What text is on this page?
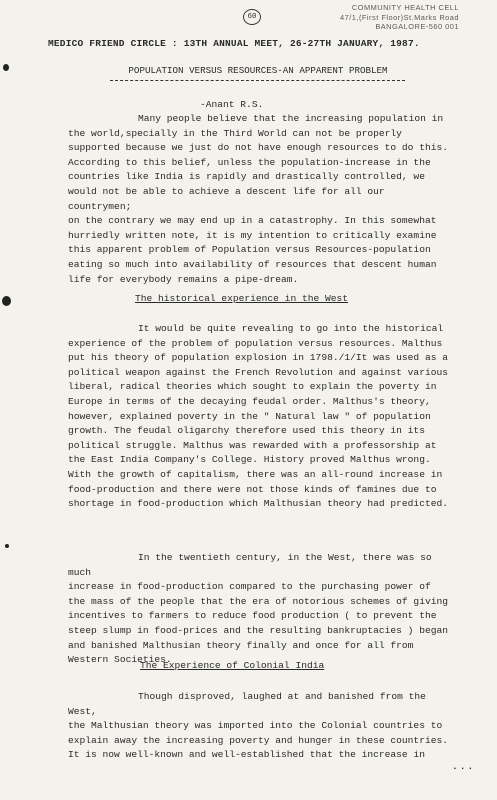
COMMUNITY HEALTH CELL
47/1,(First Floor)St.Marks Road
BANGALORE-560 001
60
MEDICO FRIEND CIRCLE : 13TH ANNUAL MEET, 26-27TH JANUARY, 1987.
POPULATION VERSUS RESOURCES-AN APPARENT PROBLEM
-Anant R.S.

Many people believe that the increasing population in
the world,specially in the Third World can not be properly
supported because we just do not have enough resources to do this.
According to this belief, unless the population-increase in the
countries like India is rapidly and drastically controlled, we
would not be able to achieve a descent life for all our countrymen;
on the contrary we may end up in a catastrophy. In this somewhat
hurriedly written note, it is my intention to critically examine
this apparent problem of Population versus Resources-population
eating so much into availability of resources that descent human
life for everybody remains a pipe-dream.

The historical experience in the West

It would be quite revealing to go into the historical
experience of the problem of population versus resources. Malthus
put his theory of population explosion in 1798./1/It was used as a
political weapon against the French Revolution and against various
liberal, radical theories which sought to explain the poverty in
Europe in terms of the decaying feudal order. Malthus's theory,
however, explained poverty in the " Natural law " of population
growth. The feudal oligarchy therefore used this theory in its
political struggle. Malthus was rewarded with a professorship at
the East India Company's College. History proved Malthus wrong.
With the growth of capitalism, there was an all-round increase in
food-production and there were not those kinds of famines due to
shortage in food-production which Malthusian theory had predicted.

In the twentieth century, in the West, there was so much
increase in food-production compared to the purchasing power of
the mass of the people that the era of notorious schemes of giving
incentives to farmers to reduce food production ( to prevent the
steep slump in food-prices and the resulting bankruptacies ) began
and banished Malthusian theory finally and once for all from
Western Societies.

The Experience of Colonial India

Though disproved, laughed at and banished from the West,
the Malthusian theory was imported into the Colonial countries to
explain away the increasing poverty and hunger in these countries.
It is now well-known and well-established that the increase in

...
